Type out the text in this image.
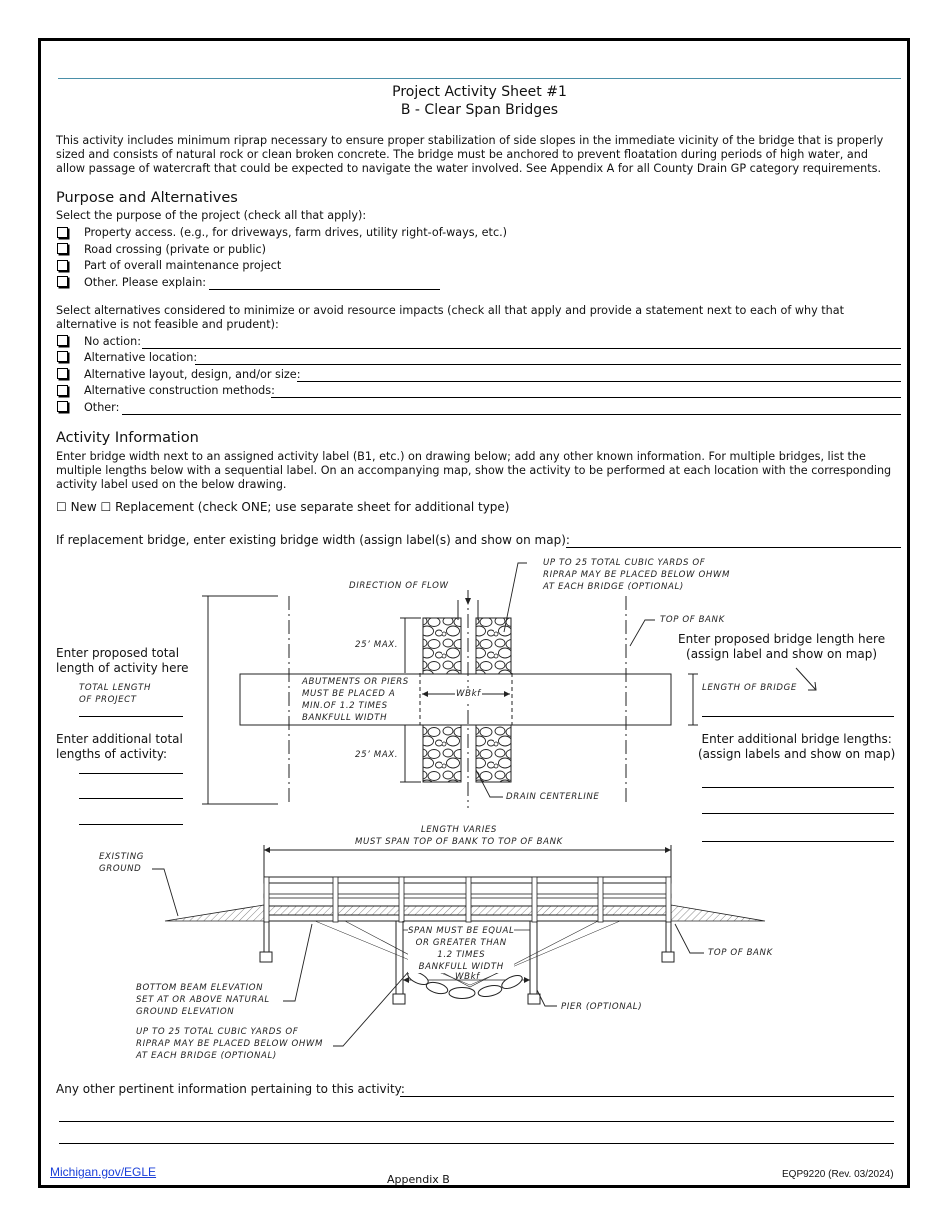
Project Activity Sheet #1
B - Clear Span Bridges
This activity includes minimum riprap necessary to ensure proper stabilization of side slopes in the immediate vicinity of the bridge that is properly sized and consists of natural rock or clean broken concrete. The bridge must be anchored to prevent floatation during periods of high water, and allow passage of watercraft that could be expected to navigate the water involved. See Appendix A for all County Drain GP category requirements.
Purpose and Alternatives
Select the purpose of the project (check all that apply):
Property access. (e.g., for driveways, farm drives, utility right-of-ways, etc.)
Road crossing (private or public)
Part of overall maintenance project
Other. Please explain:
Select alternatives considered to minimize or avoid resource impacts (check all that apply and provide a statement next to each of why that alternative is not feasible and prudent):
No action:
Alternative location:
Alternative layout, design, and/or size:
Alternative construction methods:
Other:
Activity Information
Enter bridge width next to an assigned activity label (B1, etc.) on drawing below; add any other known information. For multiple bridges, list the multiple lengths below with a sequential label. On an accompanying map, show the activity to be performed at each location with the corresponding activity label used on the below drawing.
☐ New ☐ Replacement (check ONE; use separate sheet for additional type)
If replacement bridge, enter existing bridge width (assign label(s) and show on map):
Enter proposed total
length of activity here
TOTAL LENGTH
OF PROJECT
Enter additional total
lengths of activity:
Enter proposed bridge length here
(assign label and show on map)
LENGTH OF BRIDGE
Enter additional bridge lengths:
(assign labels and show on map)
UP TO 25 TOTAL CUBIC YARDS OF
RIPRAP MAY BE PLACED BELOW OHWM
AT EACH BRIDGE (OPTIONAL)
DIRECTION OF FLOW
TOP OF BANK
25’ MAX.
25’ MAX.
ABUTMENTS OR PIERS
MUST BE PLACED A
MIN.OF 1.2 TIMES
BANKFULL WIDTH
WBkf
DRAIN CENTERLINE
LENGTH VARIES
MUST SPAN TOP OF BANK TO TOP OF BANK
EXISTING
GROUND
SPAN MUST BE EQUAL
OR GREATER THAN
1.2 TIMES
BANKFULL WIDTH
WBkf
TOP OF BANK
BOTTOM BEAM ELEVATION
SET AT OR ABOVE NATURAL
GROUND ELEVATION
UP TO 25 TOTAL CUBIC YARDS OF
RIPRAP MAY BE PLACED BELOW OHWM
AT EACH BRIDGE (OPTIONAL)
PIER (OPTIONAL)
Any other pertinent information pertaining to this activity:
Michigan.gov/EGLE
Appendix B	EQP9220 (Rev. 03/2024)
